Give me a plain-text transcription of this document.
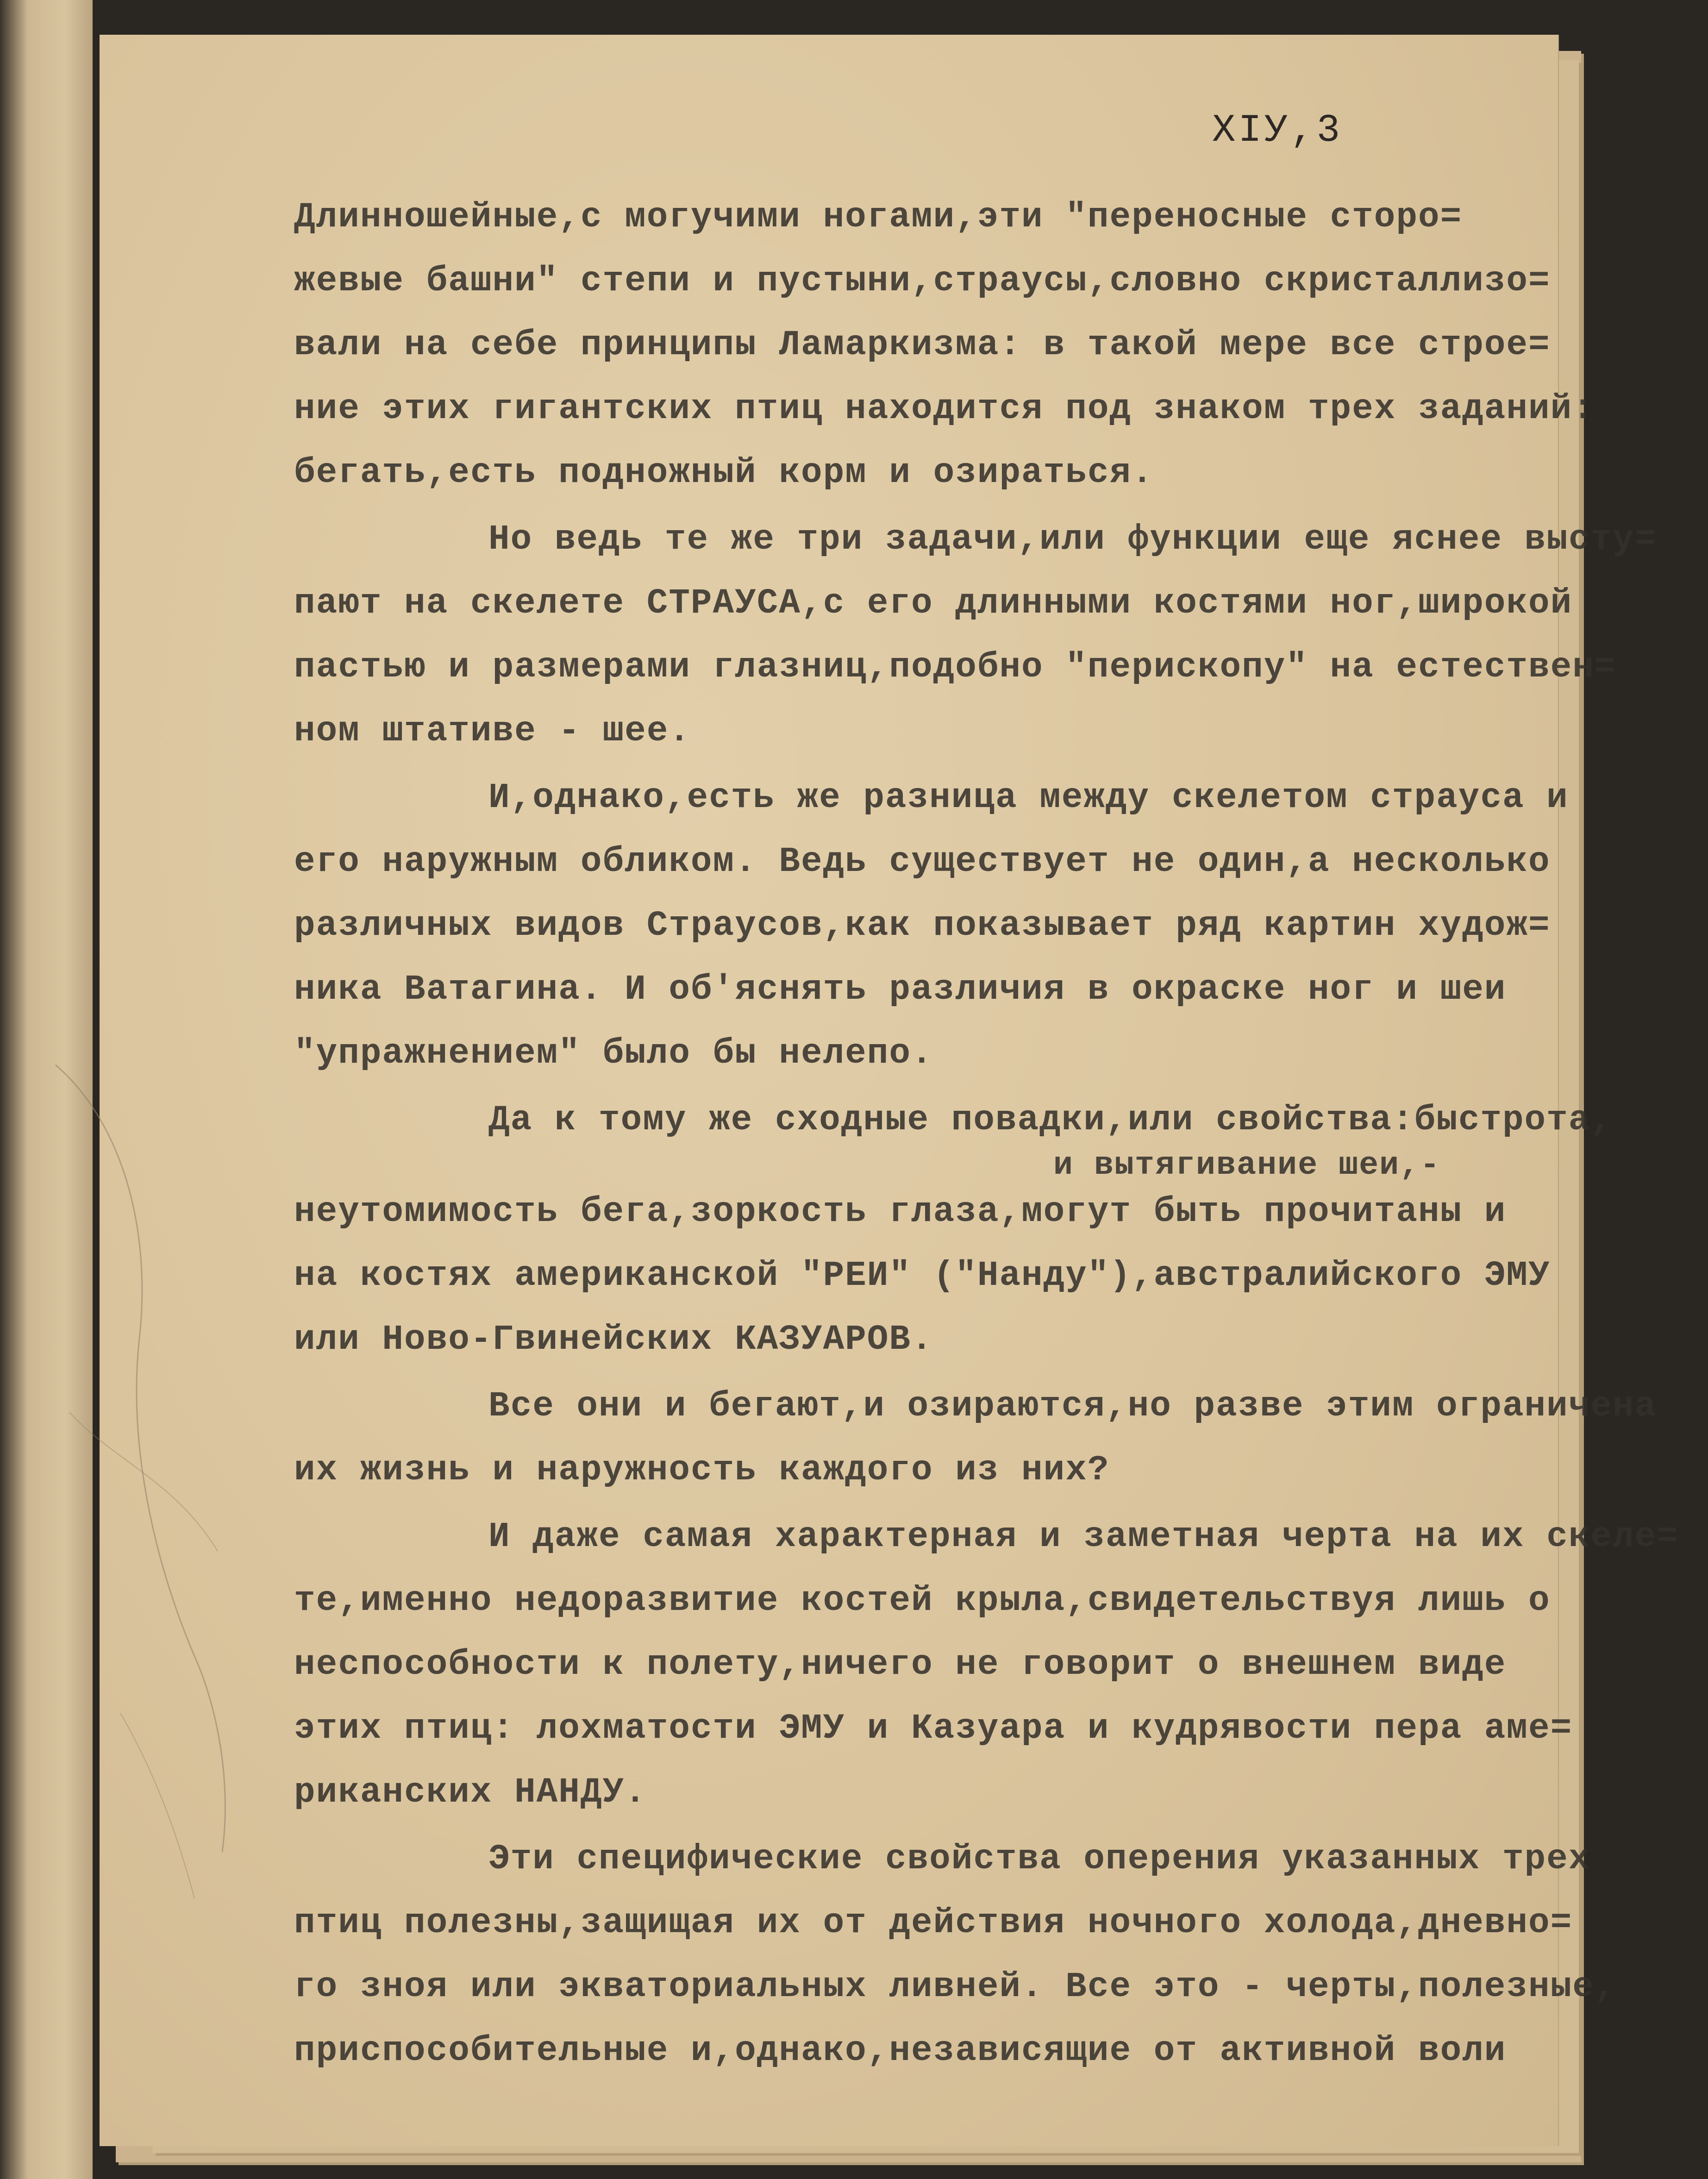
XIУ,3
Длинношейные,с могучими ногами,эти "переносные сторо=
жевые башни" степи и пустыни,страусы,словно скристаллизо=
вали на себе принципы Ламаркизма: в такой мере все строе=
ние этих гигантских птиц находится под знаком трех заданий:
бегать,есть подножный корм и озираться.
Но ведь те же три задачи,или функции еще яснее высту=
пают на скелете СТРАУСА,с его длинными костями ног,широкой
пастью и размерами глазниц,подобно "перископу" на естествен=
ном штативе - шее.
И,однако,есть же разница между скелетом страуса и
его наружным обликом. Ведь существует не один,а несколько
различных видов Страусов,как показывает ряд картин худож=
ника Ватагина. И об'яснять различия в окраске ног и шеи
"упражнением" было бы нелепо.
Да к тому же сходные повадки,или свойства:быстрота,
и вытягивание шеи,-
неутомимость бега,зоркость глаза,могут быть прочитаны и
на костях американской "РЕИ" ("Нанду"),австралийского ЭМУ
или Ново-Гвинейских КАЗУАРОВ.
Все они и бегают,и озираются,но разве этим ограничена
их жизнь и наружность каждого из них?
И даже самая характерная и заметная черта на их скеле=
те,именно недоразвитие костей крыла,свидетельствуя лишь о
неспособности к полету,ничего не говорит о внешнем виде
этих птиц: лохматости ЭМУ и Казуара и кудрявости пера аме=
риканских НАНДУ.
Эти специфические свойства оперения указанных трех
птиц полезны,защищая их от действия ночного холода,дневно=
го зноя или экваториальных ливней. Все это - черты,полезные,
приспособительные и,однако,независящие от активной воли
